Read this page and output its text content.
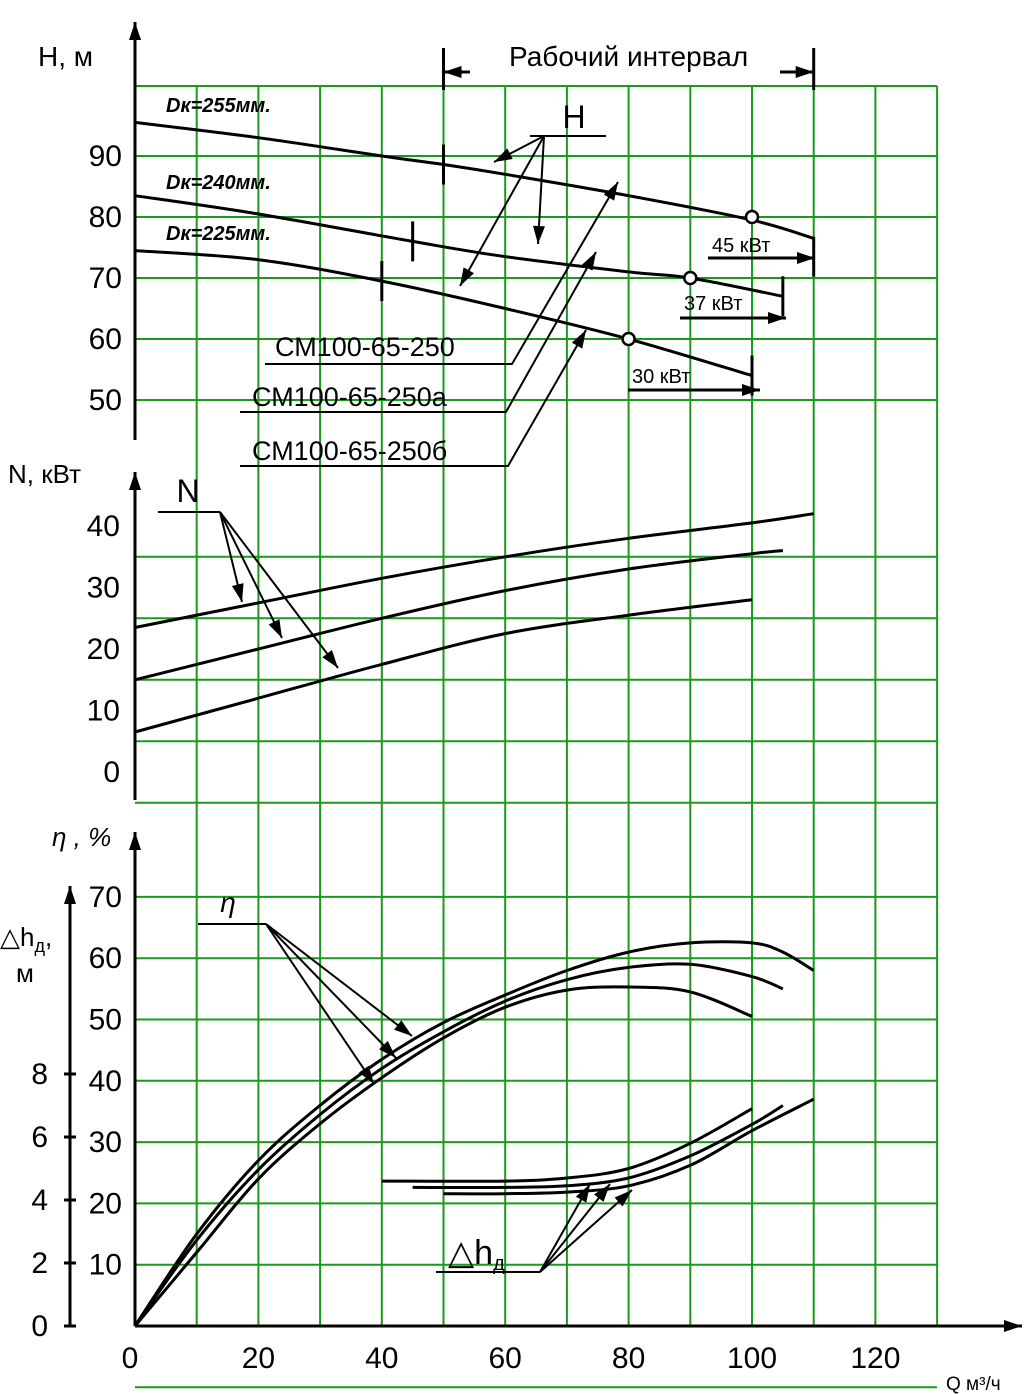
0	20	40	60	80	100 120
50
60
70
80
90
0
10
20
30
40
10
20
30
40
50
60
70
0
2
4
6
8
H, м
N, кВт
η , %
Q м³/ч
$\triangle h_д$,
м
Рабочий интервал
Dк=255мм.
Dк=240мм.
Dк=225мм.
45 кВт
37 кВт
30 кВт
СМ100-65-250
СМ100-65-250а
СМ100-65-250б
H
N
η
△hд
